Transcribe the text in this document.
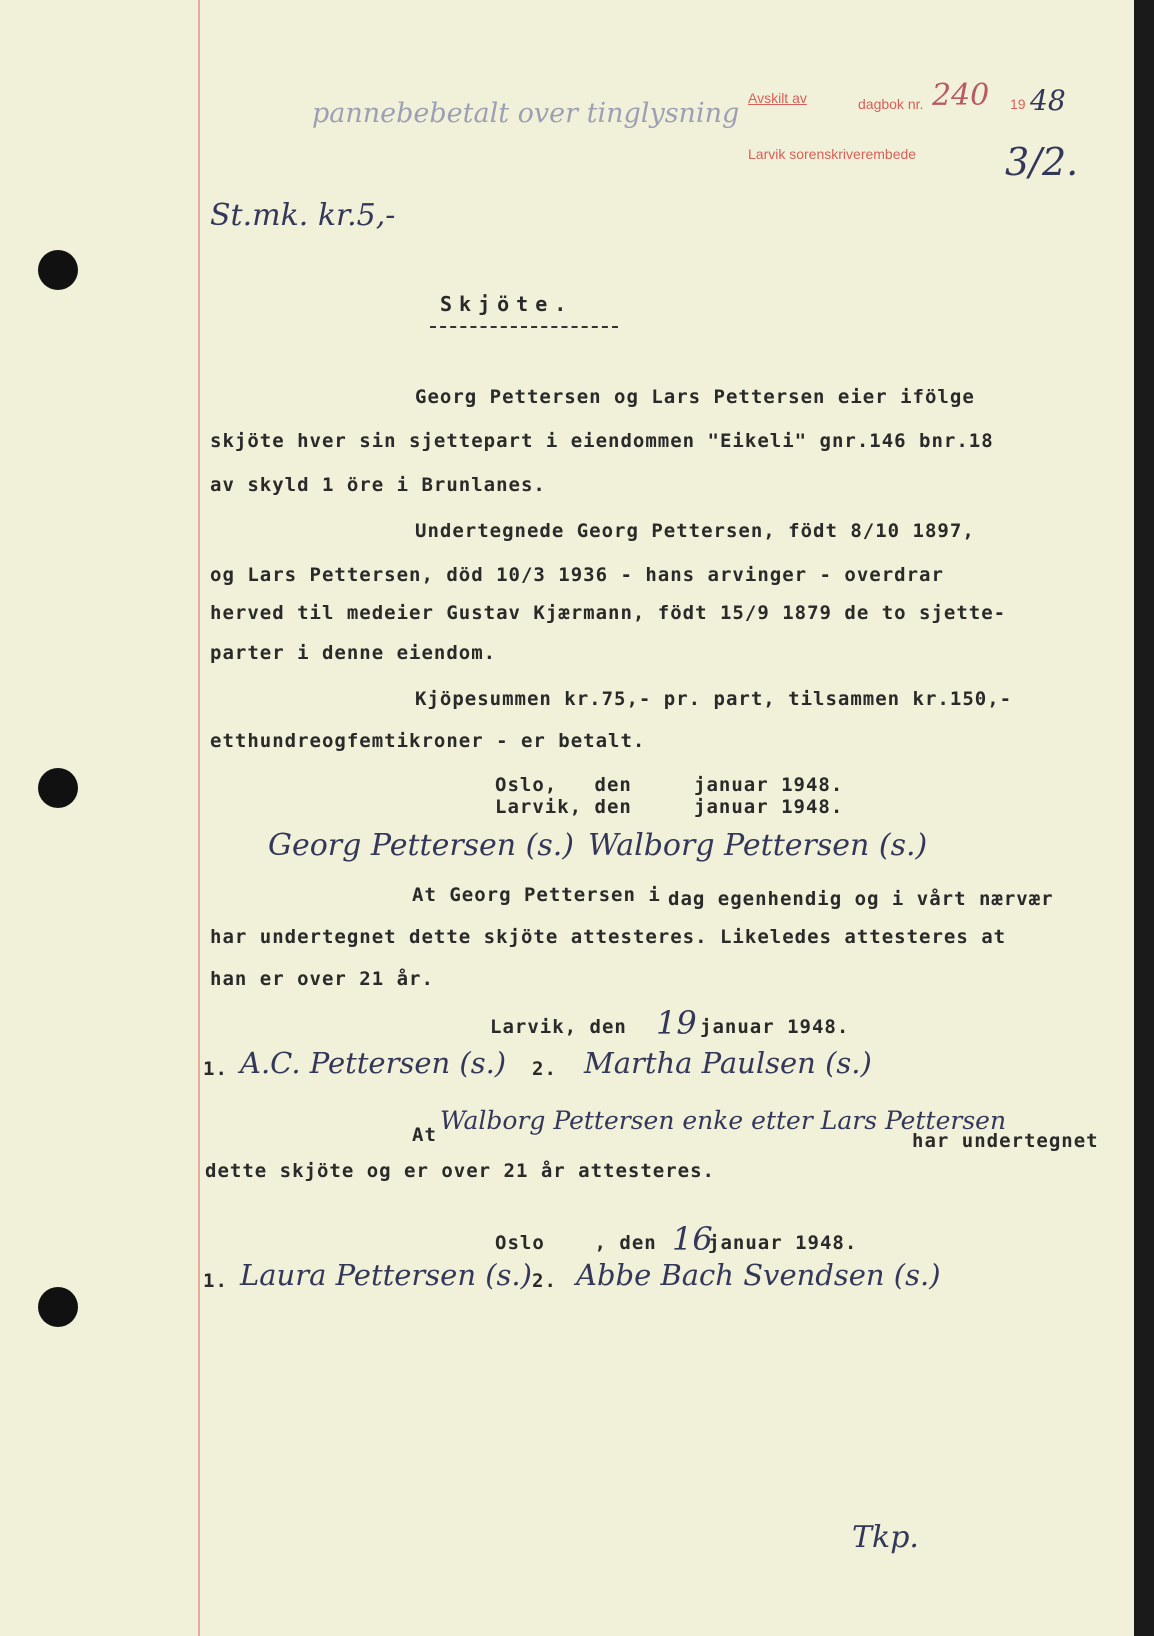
Avskilt av	dagbok nr. 240 19 48
Larvik sorenskriverembede 3/2.
pannebebetalt over tinglysning
St.mk. kr.5,-
Skjöte.
Georg Pettersen og Lars Pettersen eier ifölge
skjöte hver sin sjettepart i eiendommen "Eikeli" gnr.146 bnr.18
av skyld 1 öre i Brunlanes.
Undertegnede Georg Pettersen, födt 8/10 1897,
og Lars Pettersen, död 10/3 1936 - hans arvinger - overdrar
herved til medeier Gustav Kjærmann, födt 15/9 1879 de to sjette-
parter i denne eiendom.
Kjöpesummen kr.75,- pr. part, tilsammen kr.150,-
etthundreogfemtikroner - er betalt.
Oslo,   den     januar 1948.
Larvik, den     januar 1948.
Georg Pettersen (s.) Walborg Pettersen (s.)
At Georg Pettersen i dag egenhendig og i vårt nærvær
har undertegnet dette skjöte attesteres. Likeledes attesteres at
han er over 21 år.
Larvik, den 19 januar 1948.
1. A.C. Pettersen (s.) 2. Martha Paulsen (s.)
At Walborg Pettersen enke etter Lars Pettersen
har undertegnet
dette skjöte og er over 21 år attesteres.
Oslo    , den 16
januar 1948.
1. Laura Pettersen (s.) 2. Abbe Bach Svendsen (s.)
Tkp.
